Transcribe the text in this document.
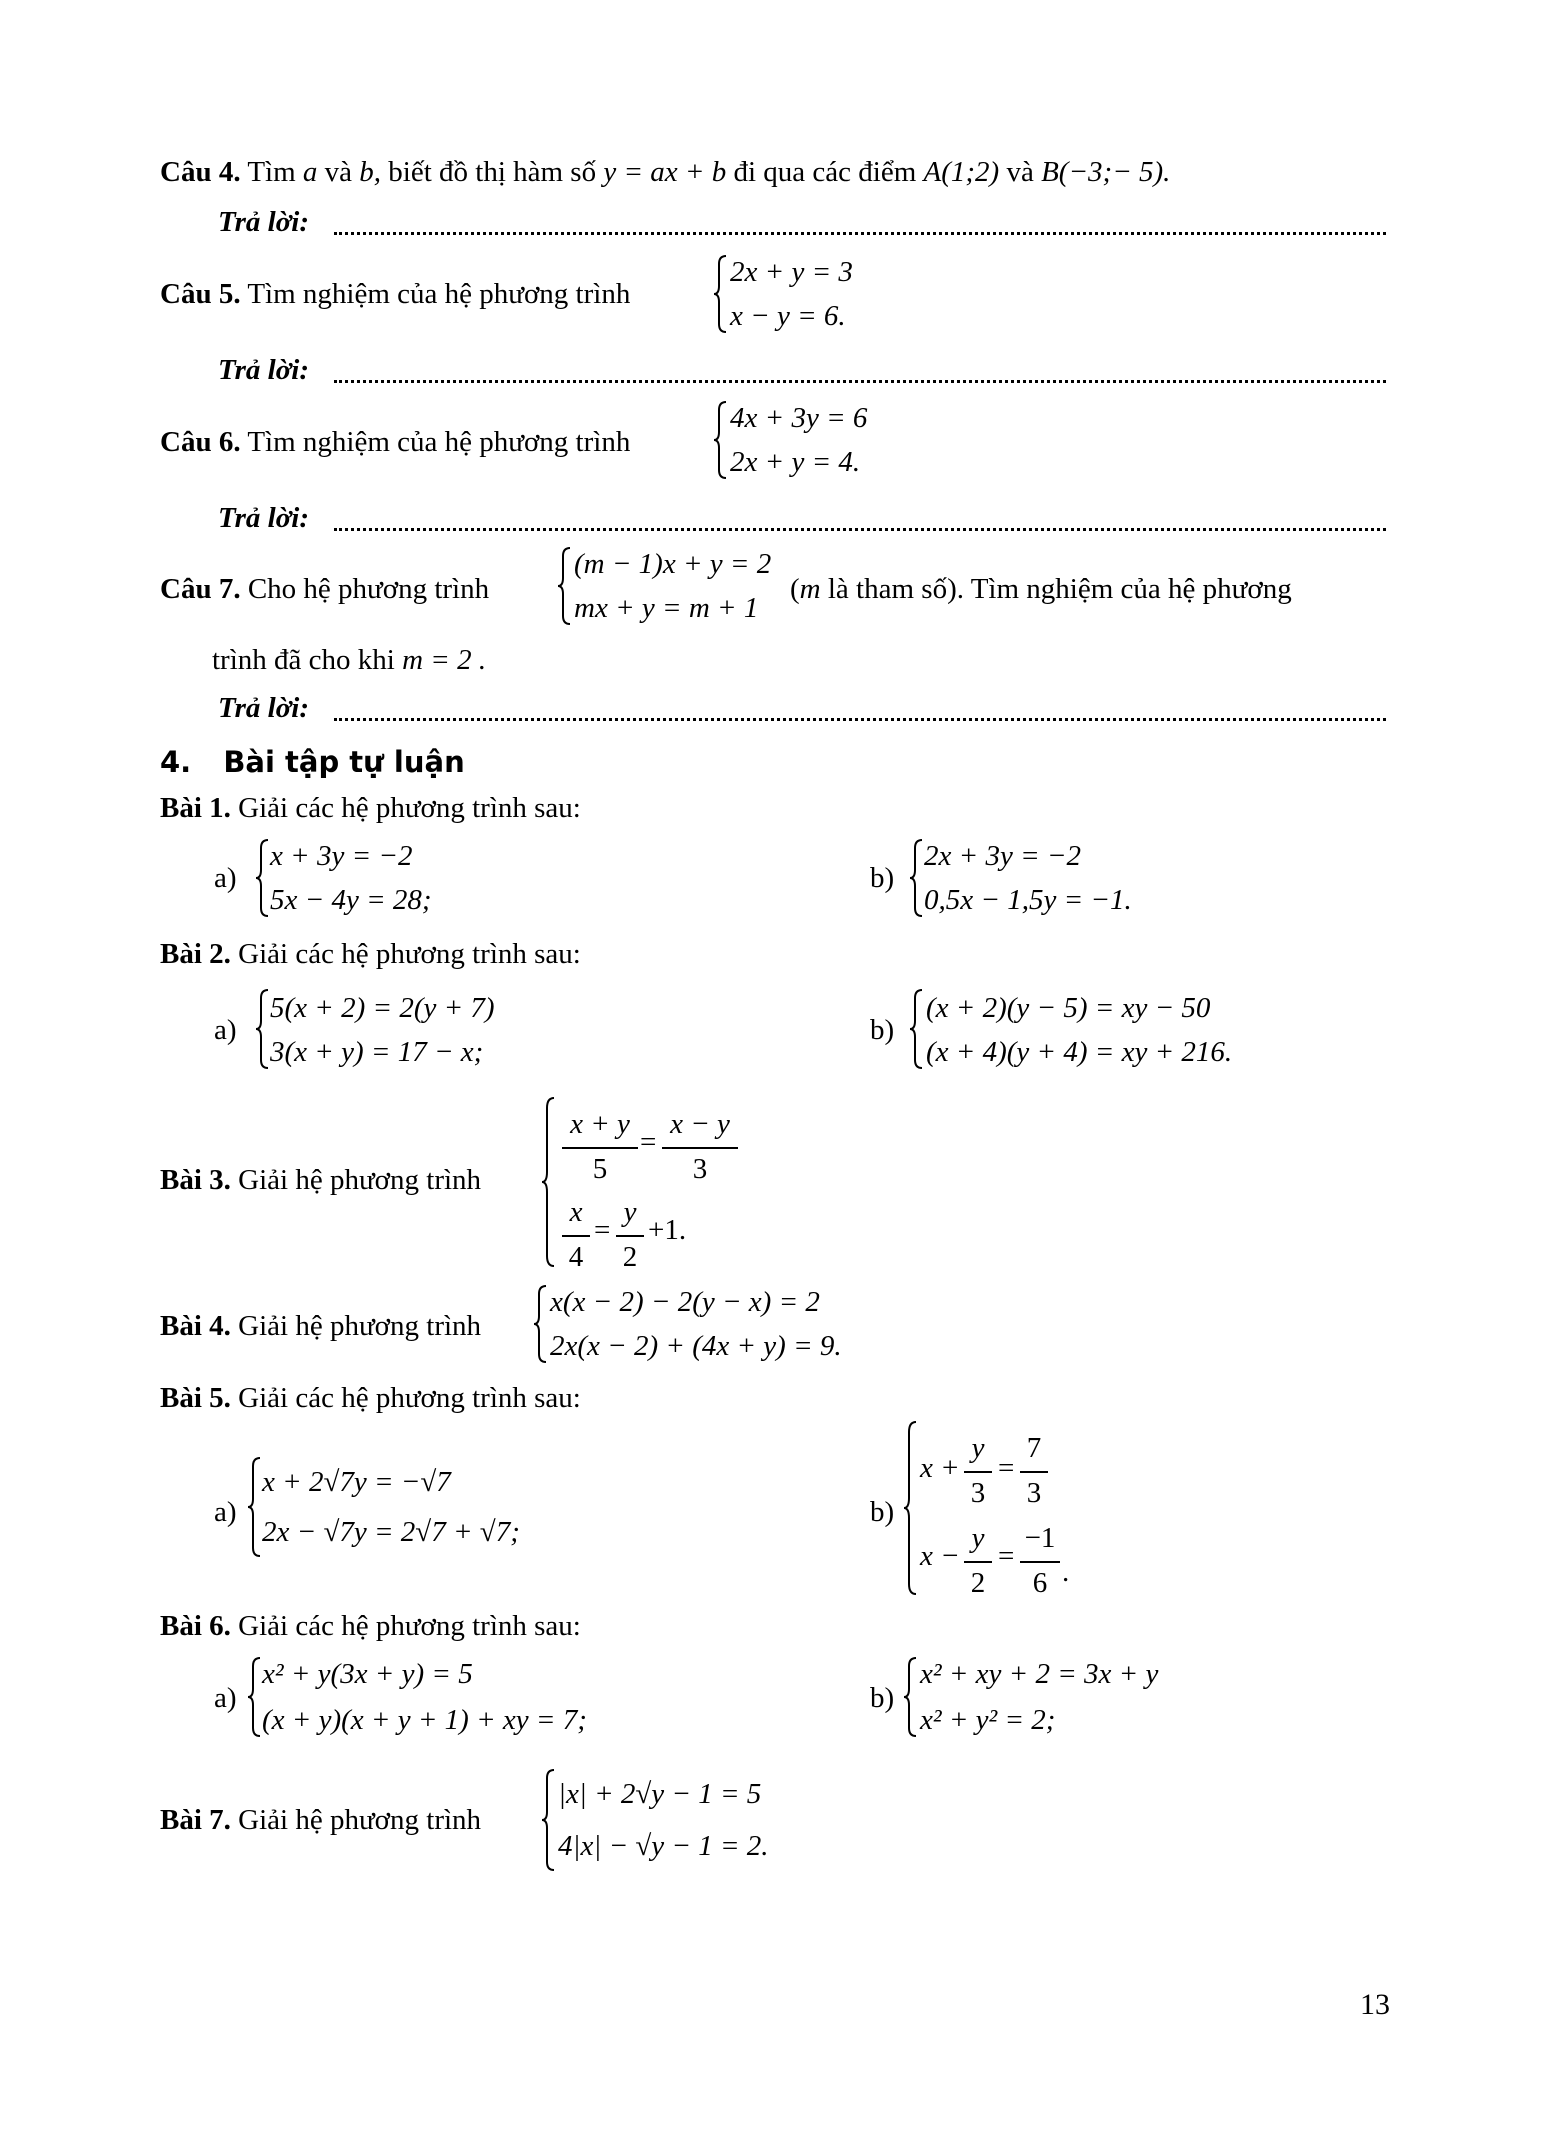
Câu 4. Tìm a và b, biết đồ thị hàm số y = ax + b đi qua các điểm A(1;2) và B(−3;− 5).
Trả lời:
Câu 5. Tìm nghiệm của hệ phương trình
2x + y = 3
x − y = 6.
Trả lời:
Câu 6. Tìm nghiệm của hệ phương trình
4x + 3y = 6
2x + y = 4.
Trả lời:
Câu 7. Cho hệ phương trình
(m − 1)x + y = 2
mx + y = m + 1
(m là tham số). Tìm nghiệm của hệ phương
trình đã cho khi m = 2 .
Trả lời:
4. Bài tập tự luận
Bài 1. Giải các hệ phương trình sau:
a)
x + 3y = −2
5x − 4y = 28;
b)
2x + 3y = −2
0,5x − 1,5y = −1.
Bài 2. Giải các hệ phương trình sau:
a)
5(x + 2) = 2(y + 7)
3(x + y) = 17 − x;
b)
(x + 2)(y − 5) = xy − 50
(x + 4)(y + 4) = xy + 216.
Bài 3. Giải hệ phương trình
x + y
5
=
x − y
3
x
4
=
y
2
+1.
Bài 4. Giải hệ phương trình
x(x − 2) − 2(y − x) = 2
2x(x − 2) + (4x + y) = 9.
Bài 5. Giải các hệ phương trình sau:
a)
x + 2√7y = −√7
2x − √7y = 2√7 + √7;
b)
x +
y
3
=
7
3
x −
y
2
=
−1
6 .
Bài 6. Giải các hệ phương trình sau:
a)
x² + y(3x + y) = 5
(x + y)(x + y + 1) + xy = 7;
b)
x² + xy + 2 = 3x + y
x² + y² = 2;
Bài 7. Giải hệ phương trình
|x| + 2√y − 1 = 5
4|x| − √y − 1 = 2.
13
